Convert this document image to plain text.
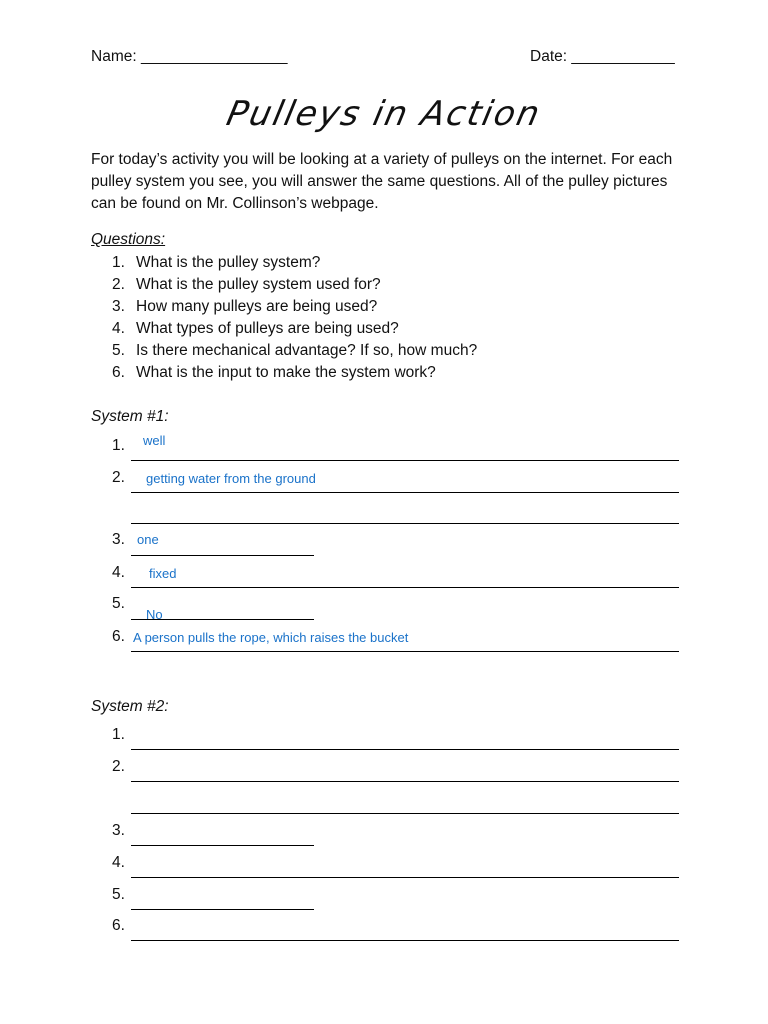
Name: _________________	Date: ____________
Pulleys in Action
For today’s activity you will be looking at a variety of pulleys on the internet. For each pulley system you see, you will answer the same questions. All of the pulley pictures can be found on Mr. Collinson’s webpage.
Questions:
1. What is the pulley system?
2. What is the pulley system used for?
3. How many pulleys are being used?
4. What types of pulleys are being used?
5. Is there mechanical advantage? If so, how much?
6. What is the input to make the system work?
System #1:
1. well
2. getting water from the ground
3. one
4. fixed
5.
No
6. A person pulls the rope, which raises the bucket
System #2:
1.
2.
3.
4.
5.
6.
